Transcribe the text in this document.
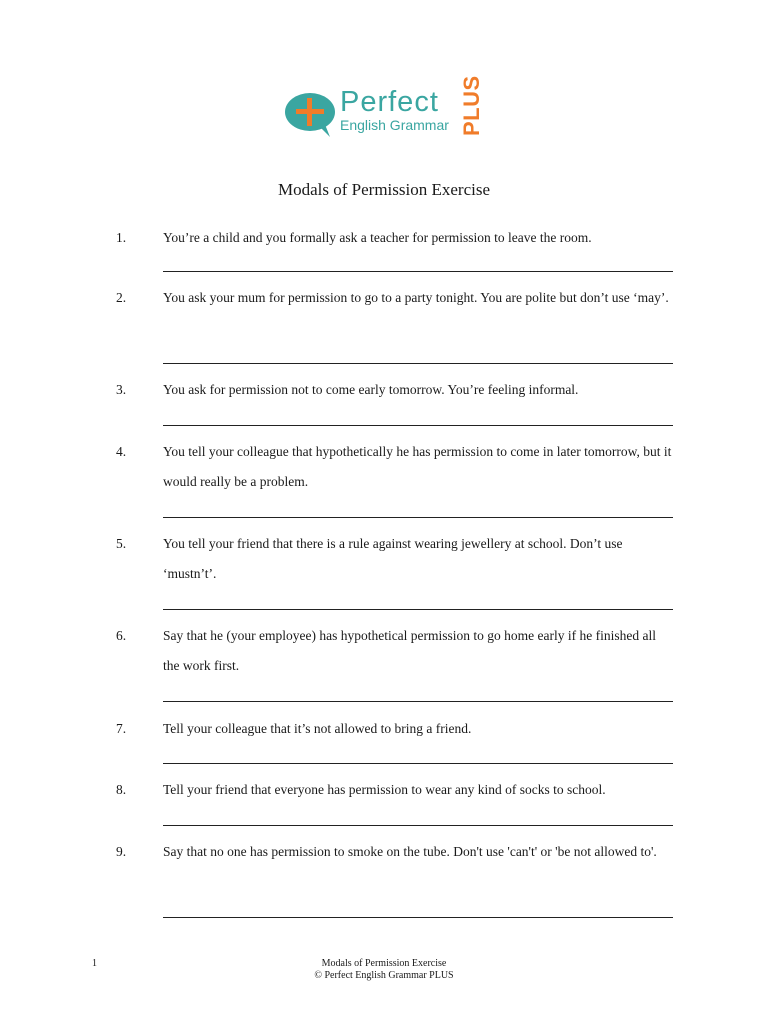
Perfect
English Grammar PLUS
Modals of Permission Exercise
1.	You’re a child and you formally ask a teacher for permission to leave the room.
2.	You ask your mum for permission to go to a party tonight. You are polite but don’t use ‘may’.
3.	You ask for permission not to come early tomorrow. You’re feeling informal.
4.	You tell your colleague that hypothetically he has permission to come in later tomorrow, but it would really be a problem.
5.	You tell your friend that there is a rule against wearing jewellery at school. Don’t use ‘mustn’t’.
6.	Say that he (your employee) has hypothetical permission to go home early if he finished all the work first.
7.	Tell your colleague that it’s not allowed to bring a friend.
8.	Tell your friend that everyone has permission to wear any kind of socks to school.
9.	Say that no one has permission to smoke on the tube. Don't use 'can't' or 'be not allowed to'.
1	Modals of Permission Exercise
© Perfect English Grammar PLUS
